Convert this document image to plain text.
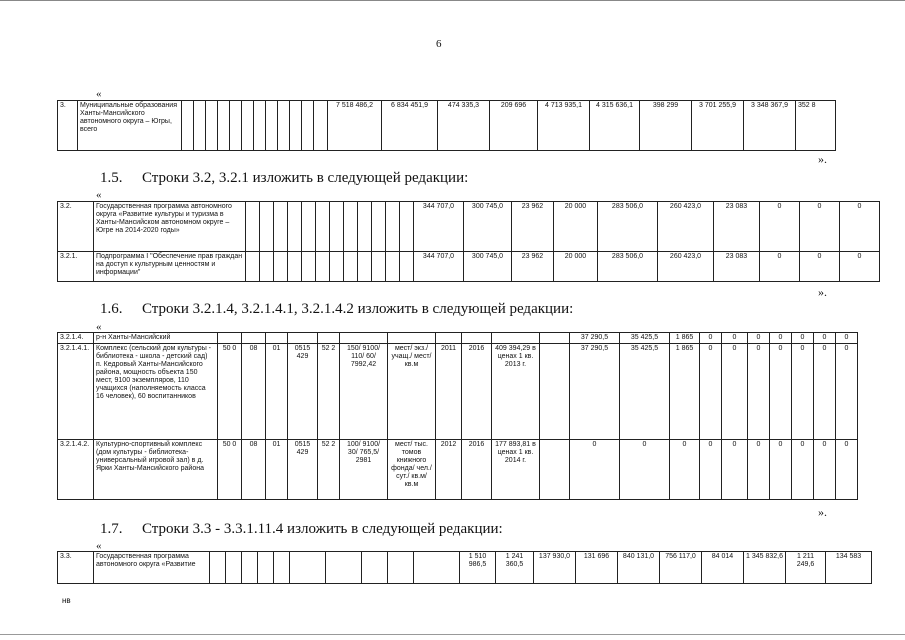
6
«
3.	Муниципальные образования Ханты-Мансийского автономного округа – Югры, всего													7 518 486,2	6 834 451,9	474 335,3	209 696	4 713 935,1	4 315 636,1	398 299	3 701 255,9	3 348 367,9	352 8
».
1.5. Строки 3.2, 3.2.1 изложить в следующей редакции:
«
3.2.	Государственная программа автономного округа «Развитие культуры и туризма в Ханты-Мансийском автономном округе – Югре на 2014-2020 годы»													344 707,0	300 745,0	23 962	20 000	283 506,0	260 423,0	23 083	0	0	0
3.2.1.	Подпрограмма I "Обеспечение прав граждан на доступ к культурным ценностям и информации"													344 707,0	300 745,0	23 962	20 000	283 506,0	260 423,0	23 083	0	0	0
».
1.6. Строки 3.2.1.4, 3.2.1.4.1, 3.2.1.4.2 изложить в следующей редакции:
«
3.2.1.4.	р-н Ханты-Мансийский												37 290,5	35 425,5	1 865	0	0	0	0	0	0	0
3.2.1.4.1.	Комплекс (сельский дом культуры - библиотека - школа - детский сад) п. Кедровый Ханты-Мансийского района, мощность объекта 150 мест, 9100 экземпляров, 110 учащихся (наполняемость класса 16 человек), 60 воспитанников	50 0	08	01	0515 429	52 2	150/ 9100/ 110/ 60/ 7992,42	мест/ экз./ учащ./ мест/ кв.м	2011	2016	409 394,29 в ценах 1 кв. 2013 г.		37 290,5	35 425,5	1 865	0	0	0	0	0	0	0
3.2.1.4.2.	Культурно-спортивный комплекс (дом культуры - библиотека-универсальный игровой зал) в д. Ярки Ханты-Мансийского района	50 0	08	01	0515 429	52 2	100/ 9100/ 30/ 765,5/ 2981	мест/ тыс. томов книжного фонда/ чел./ сут./ кв.м/ кв.м	2012	2016	177 893,81 в ценах 1 кв. 2014 г.		0	0	0	0	0	0	0	0	0	0
».
1.7. Строки 3.3 - 3.3.1.11.4 изложить в следующей редакции:
«
3.3.	Государственная программа автономного округа «Развитие											1 510 986,5	1 241 360,5	137 930,0	131 696	840 131,0	756 117,0	84 014	1 345 832,6	1 211 249,6	134 583
нв
